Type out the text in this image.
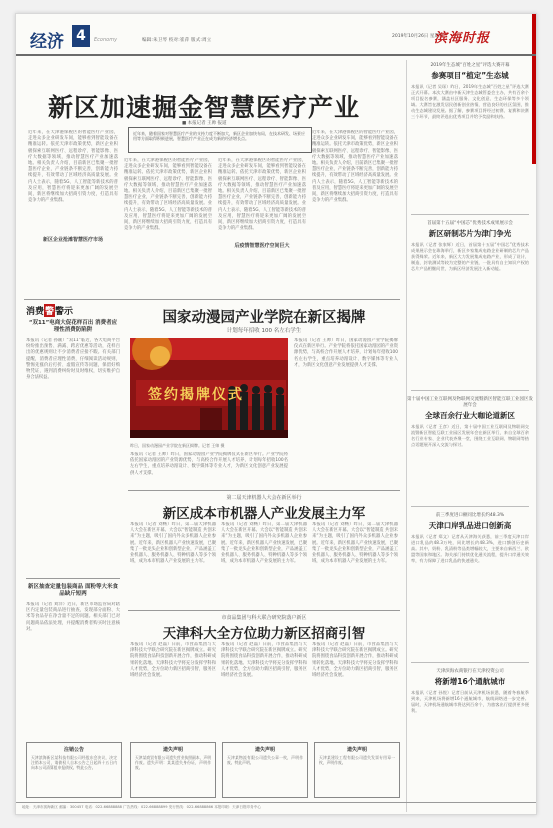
经济 4	Economy	编辑:朱卫琴 校对:崔萍 版式:周立
2019年10月26日 星期六
滨海时报
新区加速掘金智慧医疗产业
■ 本报记者 王帅 报道
近年来，随着国家对智慧医疗产业的支持力度不断加大，新区企业加快布局，在技术研发、场景应用等方面取得积极进展，智慧医疗产业正在成为新的经济增长点。
近年来，在天津港保税区的智能医疗产业园，走进众多企业研发车间，能够看到智能设备在精准运转。依托天津市政策优势，新区企业积极探索互联网医疗、远程诊疗、智能影像、医疗大数据等领域，推动智慧医疗产业加速落地。相关负责人介绍，目前新区已集聚一批智慧医疗企业，产业链条不断完善，创新能力持续提升，有效带动了区域经济高质量发展。业内人士表示，随着5G、人工智能等新技术的普及应用，智慧医疗将迎来更加广阔的发展空间，新区将继续加大招商引资力度，打造具有竞争力的产业集群。
近年来，在天津港保税区的智能医疗产业园，走进众多企业研发车间，能够看到智能设备在精准运转。依托天津市政策优势，新区企业积极探索互联网医疗、远程诊疗、智能影像、医疗大数据等领域，推动智慧医疗产业加速落地。相关负责人介绍，目前新区已集聚一批智慧医疗企业，产业链条不断完善，创新能力持续提升，有效带动了区域经济高质量发展。业内人士表示，随着5G、人工智能等新技术的普及应用，智慧医疗将迎来更加广阔的发展空间，新区将继续加大招商引资力度，打造具有竞争力的产业集群。
近年来，在天津港保税区的智能医疗产业园，走进众多企业研发车间，能够看到智能设备在精准运转。依托天津市政策优势，新区企业积极探索互联网医疗、远程诊疗、智能影像、医疗大数据等领域，推动智慧医疗产业加速落地。相关负责人介绍，目前新区已集聚一批智慧医疗企业，产业链条不断完善，创新能力持续提升，有效带动了区域经济高质量发展。业内人士表示，随着5G、人工智能等新技术的普及应用，智慧医疗将迎来更加广阔的发展空间，新区将继续加大招商引资力度，打造具有竞争力的产业集群。
近年来，在天津港保税区的智能医疗产业园，走进众多企业研发车间，能够看到智能设备在精准运转。依托天津市政策优势，新区企业积极探索互联网医疗、远程诊疗、智能影像、医疗大数据等领域，推动智慧医疗产业加速落地。相关负责人介绍，目前新区已集聚一批智慧医疗企业，产业链条不断完善，创新能力持续提升，有效带动了区域经济高质量发展。业内人士表示，随着5G、人工智能等新技术的普及应用，智慧医疗将迎来更加广阔的发展空间，新区将继续加大招商引资力度，打造具有竞争力的产业集群。
新区企业抢滩智慧医疗市场
后疫情智慧医疗空间巨大
消费警警示
“双11”电商大促花样百出 消费者应理性消费防陷阱
本报讯（记者 孙颖）“双11”临近，各大电商平台纷纷推出预售、满减、跨店优惠等活动，花样百出的优惠规则让不少消费者应接不暇。有关部门提醒，消费者应理性消费，仔细阅读活动规则，警惕先涨价后打折、虚假宣传等问题，保留好购物凭证，遇到消费纠纷时及时维权，切实维护自身合法权益。
新区抽查定量包装商品 面粉等大米食品缺斤短两
本报讯（记者 刘洋）近日，新区市场监管局对辖区内定量包装商品进行抽查，发现部分面粉、大米等食品存在净含量不足的问题。相关部门已对问题商品依法处理，并提醒消费者购买时注意核对。
国家动漫园产业学院在新区揭牌
计划每年招收 100 名左右学生
签约揭牌仪式
昨日，国家动漫园产业学院在新区揭牌。记者 王帅 摄
本报讯（记者 王帅）昨日，国家动漫园产业学院揭牌仪式在新区举行。产业学院将依托国家动漫园的产业资源优势，与高校合作开展人才培养，计划每年招收100名左右学生，重点培养动漫设计、数字媒体等专业人才，为新区文化创意产业发展提供人才支撑。
本报讯（记者 王帅）昨日，国家动漫园产业学院揭牌仪式在新区举行。产业学院将依托国家动漫园的产业资源优势，与高校合作开展人才培养，计划每年招收100名左右学生，重点培养动漫设计、数字媒体等专业人才，为新区文化创意产业发展提供人才支撑。
第二届天津机器人大会在新区举行
新区成本市机器人产业发展主力军
本报讯（记者 刘畅）昨日，第二届天津机器人大会在新区开幕。大会以“智能制造 共创未来”为主题，吸引了国内外众多机器人企业参展。近年来，新区机器人产业快速发展，已聚集了一批龙头企业和创新型企业，产品涵盖工业机器人、服务机器人、特种机器人等多个领域，成为本市机器人产业发展的主力军。
本报讯（记者 刘畅）昨日，第二届天津机器人大会在新区开幕。大会以“智能制造 共创未来”为主题，吸引了国内外众多机器人企业参展。近年来，新区机器人产业快速发展，已聚集了一批龙头企业和创新型企业，产品涵盖工业机器人、服务机器人、特种机器人等多个领域，成为本市机器人产业发展的主力军。
本报讯（记者 刘畅）昨日，第二届天津机器人大会在新区开幕。大会以“智能制造 共创未来”为主题，吸引了国内外众多机器人企业参展。近年来，新区机器人产业快速发展，已聚集了一批龙头企业和创新型企业，产品涵盖工业机器人、服务机器人、特种机器人等多个领域，成为本市机器人产业发展的主力军。
市食品集团与科大联合研究院落户新区
天津科大全方位助力新区招商引智
本报讯（记者 赵磊）日前，市食品集团与天津科技大学联合研究院在新区揭牌成立。研究院将围绕食品科技创新开展合作，推动科研成果转化落地。天津科技大学将充分发挥学科和人才优势，全方位助力新区招商引智，服务区域经济社会发展。
本报讯（记者 赵磊）日前，市食品集团与天津科技大学联合研究院在新区揭牌成立。研究院将围绕食品科技创新开展合作，推动科研成果转化落地。天津科技大学将充分发挥学科和人才优势，全方位助力新区招商引智，服务区域经济社会发展。
本报讯（记者 赵磊）日前，市食品集团与天津科技大学联合研究院在新区揭牌成立。研究院将围绕食品科技创新开展合作，推动科研成果转化落地。天津科技大学将充分发挥学科和人才优势，全方位助力新区招商引智，服务区域经济社会发展。
注销公告
天津滨海新区某科技有限公司经股东会决议，决定注销本公司，请债权人自本公告之日起四十五日内向本公司清算组申报债权。特此公告。
遗失声明
天津某商贸有限公司遗失营业执照副本，声明作废。遗失声明：某某遗失身份证，声明作废。
遗失声明
天津某物流有限公司遗失公章一枚，声明作废。特此声明。
遗失声明
天津某建设工程有限公司遗失发票专用章一枚，声明作废。
2019年生态城“百姓之星”评选大赛开幕
参赛项目“植定”生态城
本报讯（记者 吴琛）昨日，2019年生态城“百姓之星”评选大赛正式开幕。本次大赛由中新天津生态城管委会主办，共有百余个项目报名参赛，涵盖社区服务、文化创意、生态环保等多个领域。大赛旨在激发居民创新创业热情，营造良好的社区氛围，推动生态城建设发展。据了解，参赛项目将经过初赛、复赛和决赛三个环节，最终评选出优秀项目并给予奖励和扶持。
首届第十五届“中国芯”优秀技术成果展示会
新区研制芯片为津门争光
本报讯（记者 张家辉）近日，首届第十五届“中国芯”优秀技术成果展示会在珠海举行，新区多家集成电路企业研制的芯片产品获得殊荣。近年来，新区大力发展集成电路产业，形成了设计、制造、封装测试等较为完整的产业链，一批具有自主知识产权的芯片产品相继问世，为新区经济发展注入新动能。
第十届中国工业互联网及物联网交流暨新区智能互联工业园区发展年会
全球百余行业大咖论道新区
本报讯（记者 王彦）近日，第十届中国工业互联网及物联网交流暨新区智能互联工业园区发展年会在新区举行，来自全球百余名行业专家、企业代表齐聚一堂，围绕工业互联网、物联网等热点话题展开深入交流与探讨。
前三季度进口额同比增长约48.3%
天津口岸乳品进口创新高
本报讯（记者 郑文）记者从天津海关获悉，前三季度天津口岸进口乳品约48.3万吨，同比增长约48.3%，进口额创历史新高。其中，奶粉、乳清粉等品类增幅较大，主要来自新西兰、欧盟等国家和地区。海关部门持续优化通关流程，提升口岸通关效率，有力保障了进口乳品的快速通关。
天津滨海农商银行在天津投资公司
将新增16个通航城市
本报讯（记者 孙悦）记者日前从天津机场获悉，随着冬春航季到来，天津机场将新增16个通航城市，航线网络进一步完善。届时，天津机场通航城市将达到百余个，为旅客出行提供更多便利。
地址：天津市滨海新区 邮编：300457 电话：022-66888888 广告热线：022-66888899 发行热线：022-66888866 本报印刷：天津日报印务中心
